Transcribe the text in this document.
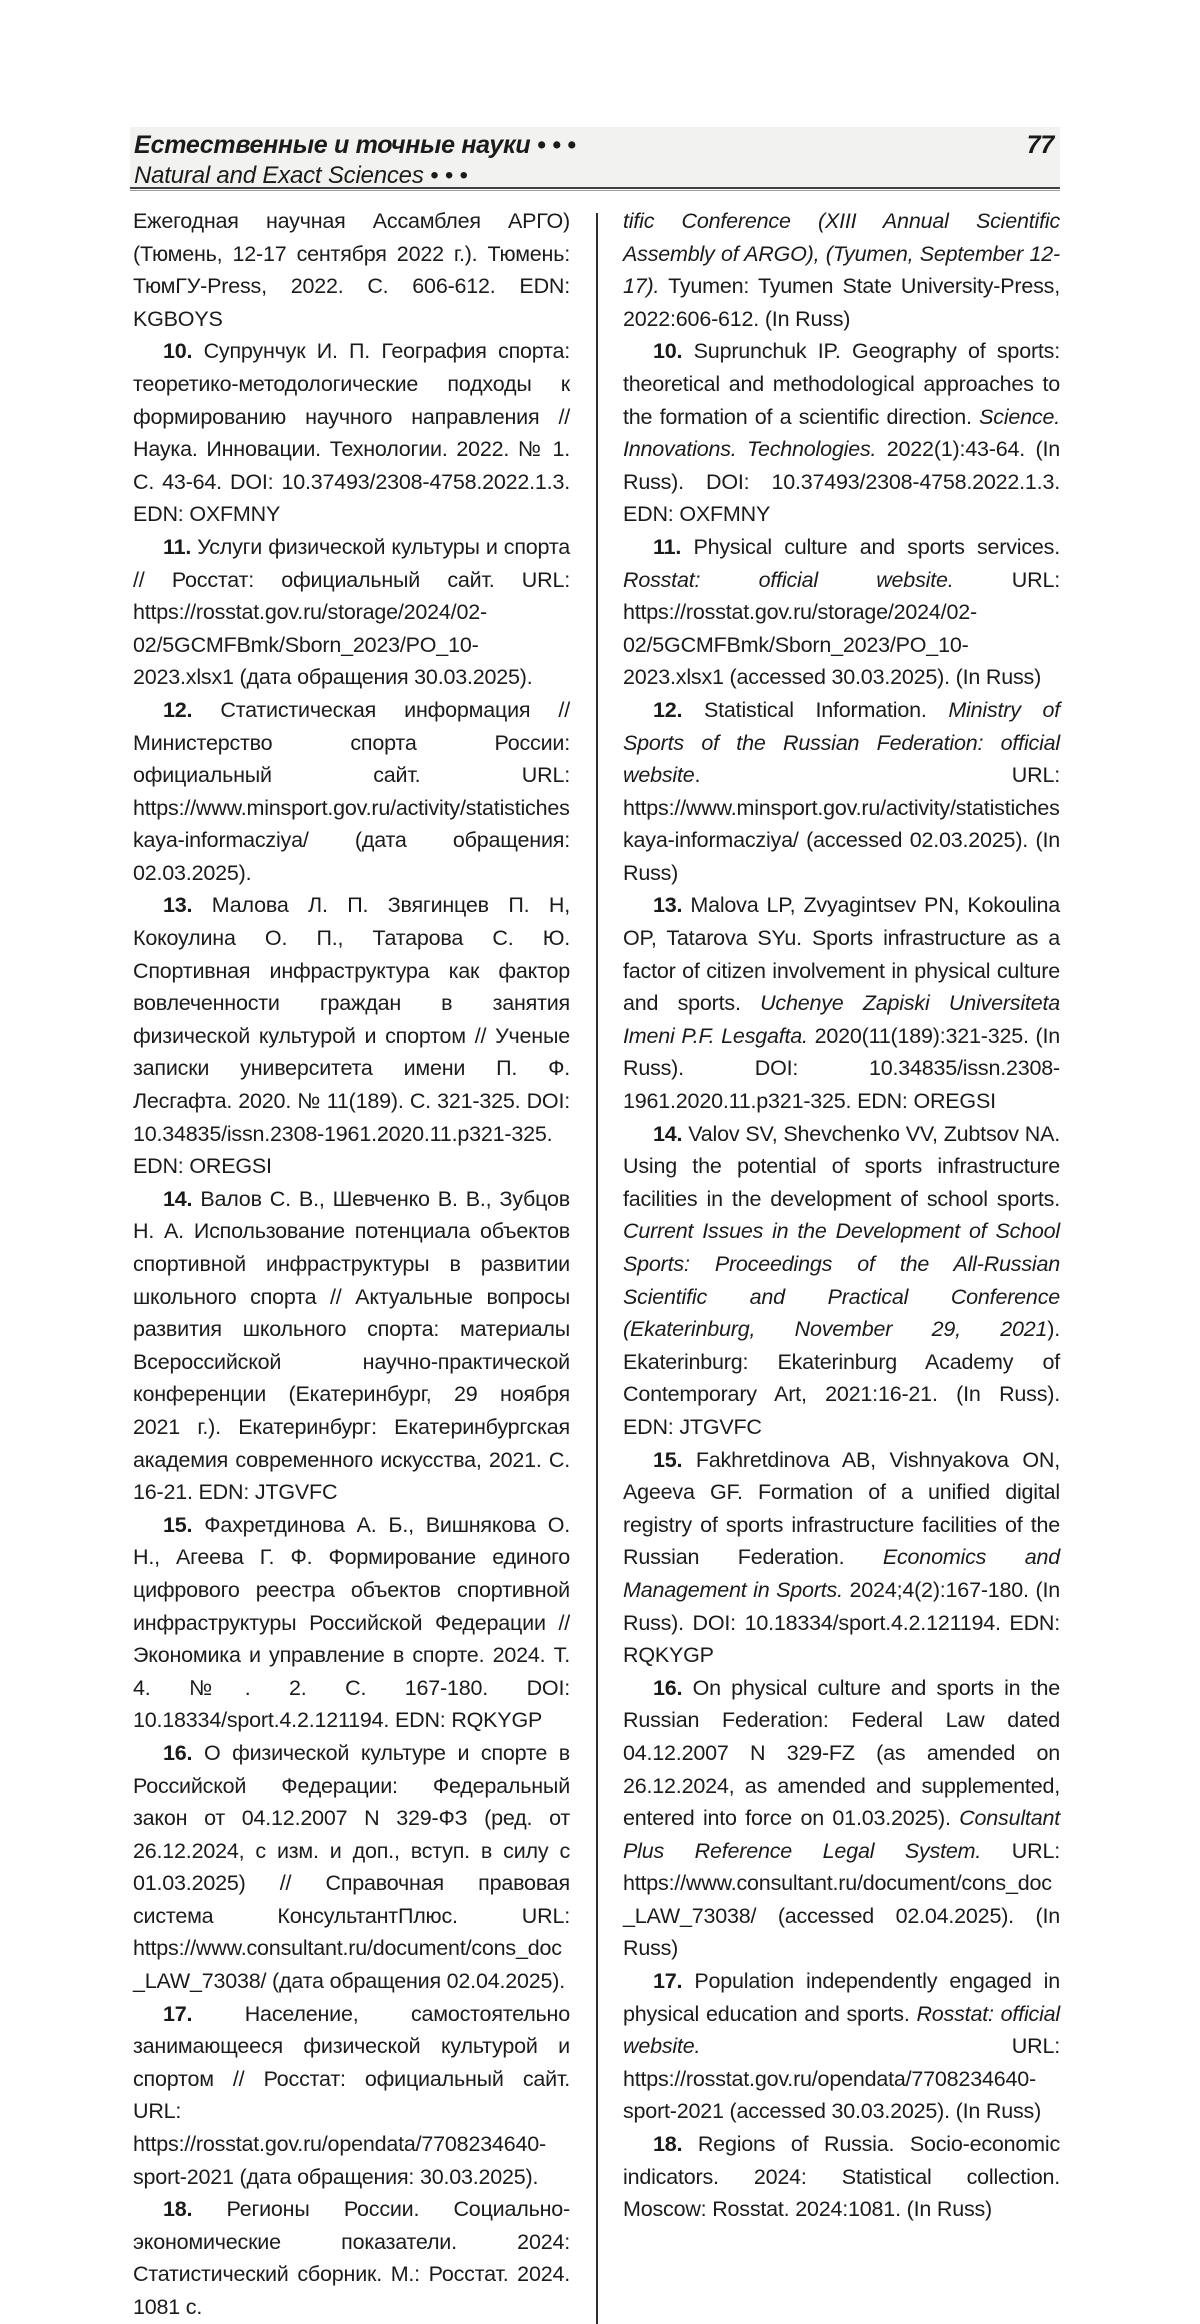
Естественные и точные науки • • •	77
Natural and Exact Sciences • • •

Ежегодная научная Ассамблея АРГО) (Тюмень, 12-17 сентября 2022 г.). Тюмень: ТюмГУ-Press, 2022. С. 606-612. EDN: KGBOYS

10. Супрунчук И. П. География спорта: теоретико-методологические подходы к формированию научного направления // Наука. Инновации. Технологии. 2022. № 1. С. 43-64. DOI: 10.37493/2308-4758.2022.1.3. EDN: OXFMNY

11. Услуги физической культуры и спорта // Росстат: официальный сайт. URL: https://rosstat.gov.ru/storage/2024/02-02/5GCMFBmk/Sborn_2023/PO_10-2023.xlsx1 (дата обращения 30.03.2025).

12. Статистическая информация // Министерство спорта России: официальный сайт. URL: https://www.minsport.gov.ru/activity/statisticheskaya-informacziya/ (дата обращения: 02.03.2025).

13. Малова Л. П. Звягинцев П. Н, Кокоулина О. П., Татарова С. Ю. Спортивная инфраструктура как фактор вовлеченности граждан в занятия физической культурой и спортом // Ученые записки университета имени П. Ф. Лесгафта. 2020. № 11(189). С. 321-325. DOI: 10.34835/issn.2308-1961.2020.11.p321-325. EDN: OREGSI

14. Валов С. В., Шевченко В. В., Зубцов Н. А. Использование потенциала объектов спортивной инфраструктуры в развитии школьного спорта // Актуальные вопросы развития школьного спорта: материалы Всероссийской научно-практической конференции (Екатеринбург, 29 ноября 2021 г.). Екатеринбург: Екатеринбургская академия современного искусства, 2021. С. 16-21. EDN: JTGVFC

15. Фахретдинова А. Б., Вишнякова О. Н., Агеева Г. Ф. Формирование единого цифрового реестра объектов спортивной инфраструктуры Российской Федерации // Экономика и управление в спорте. 2024. Т. 4. №. 2. С. 167-180. DOI: 10.18334/sport.4.2.121194. EDN: RQKYGP

16. О физической культуре и спорте в Российской Федерации: Федеральный закон от 04.12.2007 N 329-ФЗ (ред. от 26.12.2024, с изм. и доп., вступ. в силу с 01.03.2025) // Справочная правовая система КонсультантПлюс. URL: https://www.consultant.ru/document/cons_doc_LAW_73038/ (дата обращения 02.04.2025).

17. Население, самостоятельно занимающееся физической культурой и спортом // Росстат: официальный сайт. URL: https://rosstat.gov.ru/opendata/7708234640-sport-2021 (дата обращения: 30.03.2025).

18. Регионы России. Социально-экономические показатели. 2024: Статистический сборник. М.: Росстат. 2024. 1081 с.

tific Conference (XIII Annual Scientific Assembly of ARGO), (Tyumen, September 12-17). Tyumen: Tyumen State University-Press, 2022:606-612. (In Russ)

10. Suprunchuk IP. Geography of sports: theoretical and methodological approaches to the formation of a scientific direction. Science. Innovations. Technologies. 2022(1):43-64. (In Russ). DOI: 10.37493/2308-4758.2022.1.3. EDN: OXFMNY

11. Physical culture and sports services. Rosstat: official website. URL: https://rosstat.gov.ru/storage/2024/02-02/5GCMFBmk/Sborn_2023/PO_10-2023.xlsx1 (accessed 30.03.2025). (In Russ)

12. Statistical Information. Ministry of Sports of the Russian Federation: official website. URL: https://www.minsport.gov.ru/activity/statisticheskaya-informacziya/ (accessed 02.03.2025). (In Russ)

13. Malova LP, Zvyagintsev PN, Kokoulina OP, Tatarova SYu. Sports infrastructure as a factor of citizen involvement in physical culture and sports. Uchenye Zapiski Universiteta Imeni P.F. Lesgafta. 2020(11(189):321-325. (In Russ). DOI: 10.34835/issn.2308-1961.2020.11.p321-325. EDN: OREGSI

14. Valov SV, Shevchenko VV, Zubtsov NA. Using the potential of sports infrastructure facilities in the development of school sports. Current Issues in the Development of School Sports: Proceedings of the All-Russian Scientific and Practical Conference (Ekaterinburg, November 29, 2021). Ekaterinburg: Ekaterinburg Academy of Contemporary Art, 2021:16-21. (In Russ). EDN: JTGVFC

15. Fakhretdinova AB, Vishnyakova ON, Ageeva GF. Formation of a unified digital registry of sports infrastructure facilities of the Russian Federation. Economics and Management in Sports. 2024;4(2):167-180. (In Russ). DOI: 10.18334/sport.4.2.121194. EDN: RQKYGP

16. On physical culture and sports in the Russian Federation: Federal Law dated 04.12.2007 N 329-FZ (as amended on 26.12.2024, as amended and supplemented, entered into force on 01.03.2025). Consultant Plus Reference Legal System. URL: https://www.consultant.ru/document/cons_doc_LAW_73038/ (accessed 02.04.2025). (In Russ)

17. Population independently engaged in physical education and sports. Rosstat: official website. URL: https://rosstat.gov.ru/opendata/7708234640-sport-2021 (accessed 30.03.2025). (In Russ)

18. Regions of Russia. Socio-economic indicators. 2024: Statistical collection. Moscow: Rosstat. 2024:1081. (In Russ)
